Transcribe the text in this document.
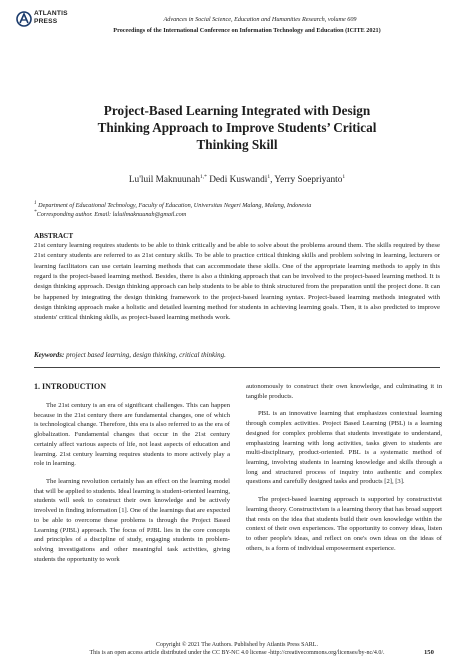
ATLANTIS
PRESS	Advances in Social Science, Education and Humanities Research, volume 609
Proceedings of the International Conference on Information Technology and Education (ICITE 2021)
Project-Based Learning Integrated with Design
Thinking Approach to Improve Students’ Critical
Thinking Skill
Lu'luil Maknuunah$^{1,*}$ Dedi Kuswandi$^1$, Yerry Soepriyanto$^1$
$^1$ Department of Educational Technology, Faculty of Education, Universitas Negeri Malang, Malang, Indonesia
*Corresponding author. Email: luluilmaknuunah@gmail.com
ABSTRACT
21st century learning requires students to be able to think critically and be able to solve about the problems around them. The skills required by these 21st century students are referred to as 21st century skills. To be able to practice critical thinking skills and problem solving in learning, lecturers or learning facilitators can use certain learning methods that can accommodate these skills. One of the appropriate learning methods to apply in this regard is the project-based learning method. Besides, there is also a thinking approach that can be involved to the project-based learning method. It is design thinking approach. Design thinking approach can help students to be able to think structured from the preparation until the project done. It can be happened by integrating the design thinking framework to the project-based learning syntax. Project-based learning methods integrated with design thinking approach make a holistic and detailed learning method for students in achieving learning goals. Then, it is also predicted to improve students' critical thinking skills, as project-based learning methods work.
Keywords: project based learning, design thinking, critical thinking.
1. INTRODUCTION

The 21st century is an era of significant challenges. This can happen because in the 21st century there are fundamental changes, one of which is technological change. Therefore, this era is also referred to as the era of globalization. Fundamental changes that occur in the 21st century certainly affect various aspects of life, not least aspects of education and learning. 21st century learning requires students to more actively play a role in learning.

The learning revolution certainly has an effect on the learning model that will be applied to students. Ideal learning is student-oriented learning, students will seek to construct their own knowledge and be actively involved in finding information [1]. One of the learnings that are expected to be able to overcome these problems is through the Project Based Learning (PJBL) approach. The focus of PJBL lies in the core concepts and principles of a discipline of study, engaging students in problem-solving investigations and other meaningful task activities, giving students the opportunity to work

autonomously to construct their own knowledge, and culminating it in tangible products.

PBL is an innovative learning that emphasizes contextual learning through complex activities. Project Based Learning (PBL) is a learning designed for complex problems that students investigate to understand, emphasizing learning with long activities, tasks given to students are multi-disciplinary, product-oriented. PBL is a systematic method of learning, involving students in learning knowledge and skills through a long and structured process of inquiry into authentic and complex questions and carefully designed tasks and products [2], [3].

The project-based learning approach is supported by constructivist learning theory. Constructivism is a learning theory that has broad support that rests on the idea that students build their own knowledge within the context of their own experiences. The opportunity to convey ideas, listen to other people's ideas, and reflect on one's own ideas on the ideas of others, is a form of individual empowerment experience.

Copyright © 2021 The Authors. Published by Atlantis Press SARL.
This is an open access article distributed under the CC BY-NC 4.0 license -http://creativecommons.org/licenses/by-nc/4.0/.	150
